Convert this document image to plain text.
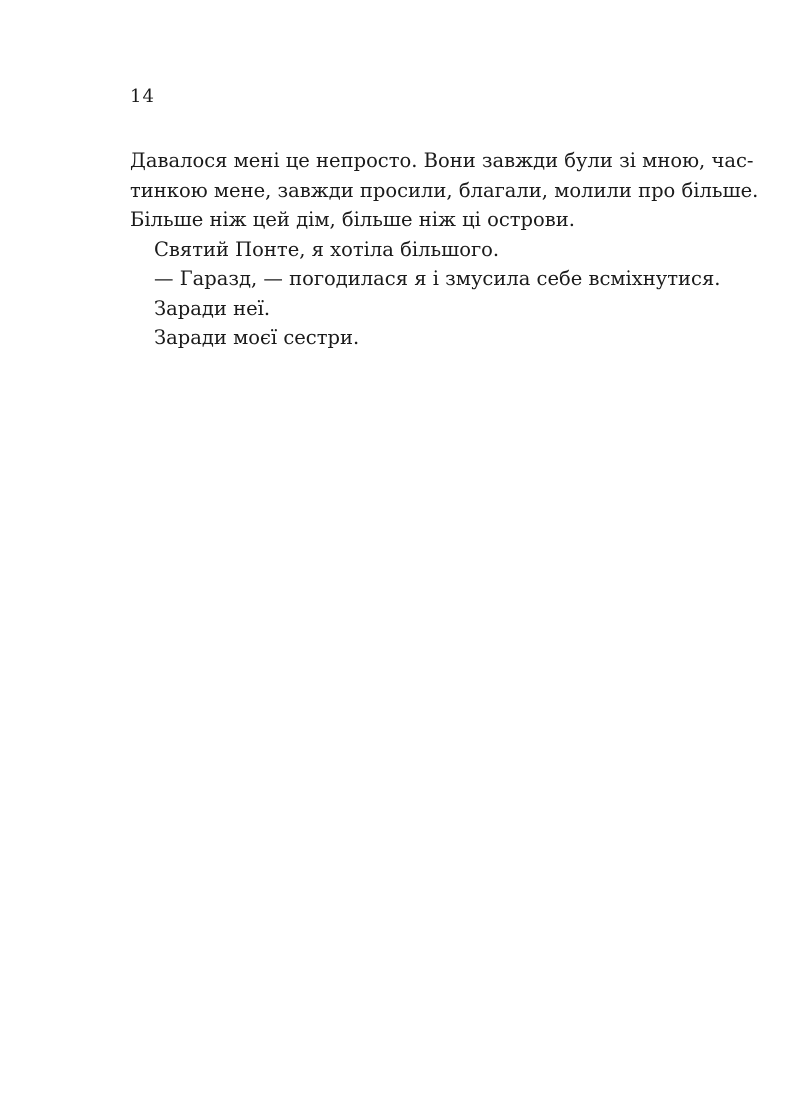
14

Давалося мені це непросто. Вони завжди були зі мною, час-

тинкою мене, завжди просили, благали, молили про більше.

Більше ніж цей дім, більше ніж ці острови.

Святий Понте, я хотіла більшого.

— Гаразд, — погодилася я і змусила себе всміхнутися.

Заради неї.

Заради моєї сестри.
